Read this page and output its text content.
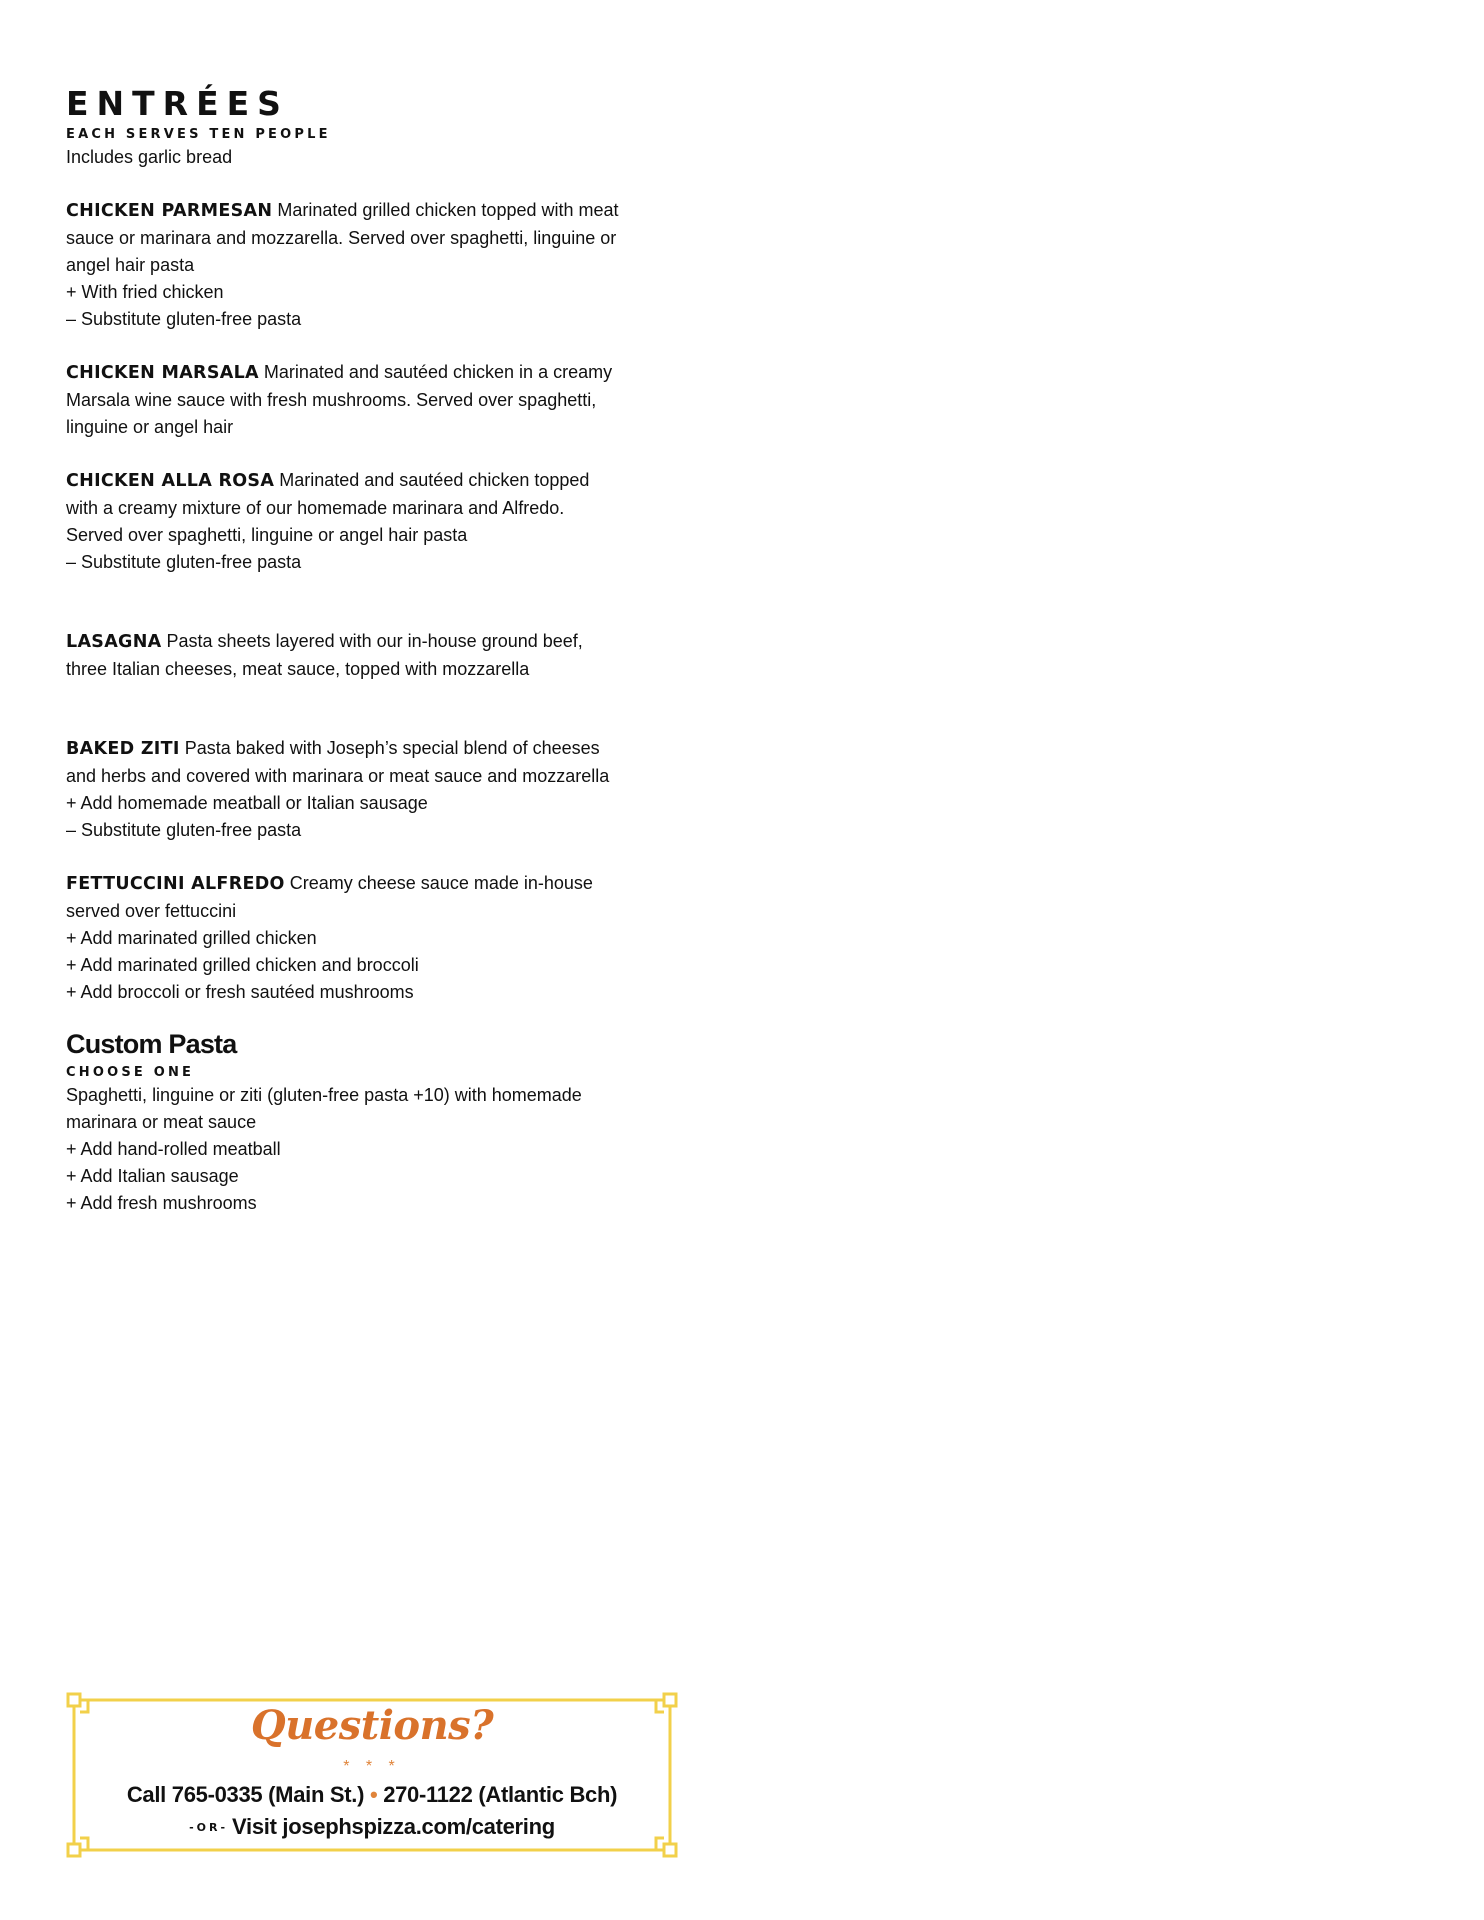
ENTRÉES
EACH SERVES TEN PEOPLE
Includes garlic bread
CHICKEN PARMESAN Marinated grilled chicken topped with meat sauce or marinara and mozzarella. Served over spaghetti, linguine or angel hair pasta
+ With fried chicken
– Substitute gluten-free pasta
CHICKEN MARSALA Marinated and sautéed chicken in a creamy Marsala wine sauce with fresh mushrooms. Served over spaghetti, linguine or angel hair
CHICKEN ALLA ROSA Marinated and sautéed chicken topped with a creamy mixture of our homemade marinara and Alfredo. Served over spaghetti, linguine or angel hair pasta
– Substitute gluten-free pasta
LASAGNA Pasta sheets layered with our in-house ground beef, three Italian cheeses, meat sauce, topped with mozzarella
BAKED ZITI Pasta baked with Joseph’s special blend of cheeses and herbs and covered with marinara or meat sauce and mozzarella
+ Add homemade meatball or Italian sausage
– Substitute gluten-free pasta
FETTUCCINI ALFREDO Creamy cheese sauce made in-house served over fettuccini
+ Add marinated grilled chicken
+ Add marinated grilled chicken and broccoli
+ Add broccoli or fresh sautéed mushrooms
Custom Pasta
CHOOSE ONE
Spaghetti, linguine or ziti (gluten-free pasta +10) with homemade marinara or meat sauce
+ Add hand-rolled meatball
+ Add Italian sausage
+ Add fresh mushrooms
Questions?
* * *
Call 765-0335 (Main St.) • 270-1122 (Atlantic Bch)
-OR- Visit josephspizza.com/catering
